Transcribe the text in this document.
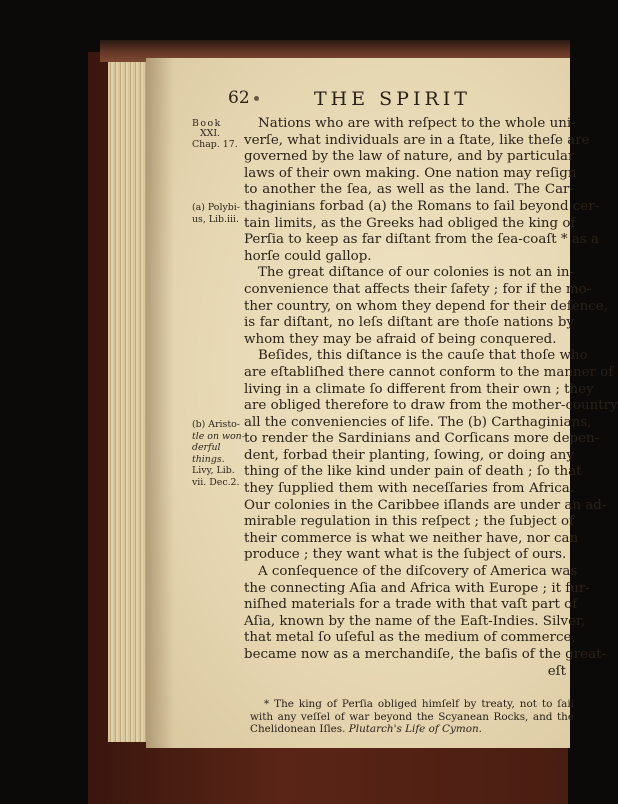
62	THE SPIRIT
Book
XXI.
Chap. 17.
(a) Polybi-
us, Lib.iii.
(b) Aristo-
tle on won-
derful
things.
Livy, Lib.
vii. Dec.2.
Nations who are with reſpect to the whole uni-
verſe, what individuals are in a ſtate, like theſe are
governed by the law of nature, and by particular
laws of their own making. One nation may reſign
to another the ſea, as well as the land. The Car-
thaginians forbad (a) the Romans to ſail beyond cer-
tain limits, as the Greeks had obliged the king of
Perſia to keep as far diſtant from the ſea-coaſt * as a
horſe could gallop.
The great diſtance of our colonies is not an in-
convenience that affects their ſafety ; for if the mo-
ther country, on whom they depend for their defence,
is far diſtant, no leſs diſtant are thoſe nations by
whom they may be afraid of being conquered.
Beſides, this diſtance is the cauſe that thoſe who
are eſtabliſhed there cannot conform to the manner of
living in a climate ſo different from their own ; they
are obliged therefore to draw from the mother-country
all the conveniencies of life. The (b) Carthaginians,
to render the Sardinians and Corſicans more depen-
dent, forbad their planting, ſowing, or doing any
thing of the like kind under pain of death ; ſo that
they ſupplied them with neceſſaries from Africa.
Our colonies in the Caribbee iſlands are under an ad-
mirable regulation in this reſpect ; the ſubject of
their commerce is what we neither have, nor can
produce ; they want what is the ſubject of ours.
A conſequence of the diſcovery of America was
the connecting Aſia and Africa with Europe ; it fur-
niſhed materials for a trade with that vaſt part of
Aſia, known by the name of the Eaſt-Indies. Silver,
that metal ſo uſeful as the medium of commerce,
became now as a merchandiſe, the baſis of the great-
eſt
* The king of Perſia obliged himſelf by treaty, not to ſail
with any veſſel of war beyond the Scyanean Rocks, and the
Chelidonean Iſles. Plutarch's Life of Cymon.
